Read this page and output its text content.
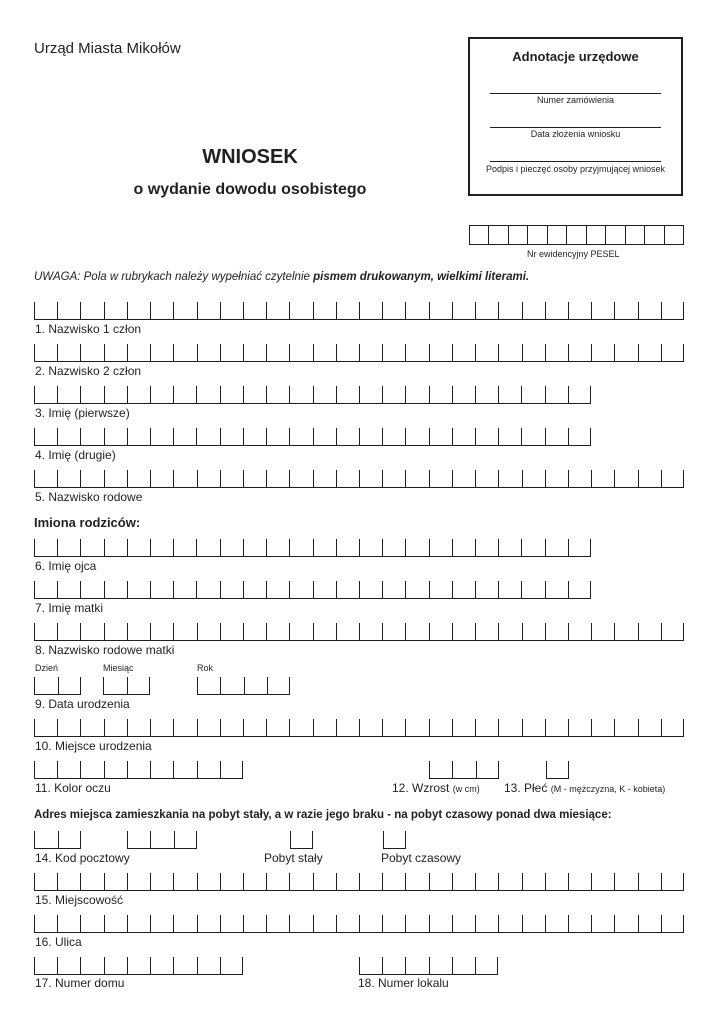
Urząd Miasta Mikołów	Adnotacje urzędowe
Numer zamówienia
Data złożenia wniosku
Podpis i pieczęć osoby przyjmującej wniosek
WNIOSEK
o wydanie dowodu osobistego
Nr ewidencyjny PESEL
UWAGA: Pola w rubrykach należy wypełniać czytelnie pismem drukowanym, wielkimi literami.
1. Nazwisko 1 człon
2. Nazwisko 2 człon
3. Imię (pierwsze)
4. Imię (drugie)
5. Nazwisko rodowe
Imiona rodziców:
6. Imię ojca
7. Imię matki
8. Nazwisko rodowe matki
Dzień	Miesiąc	Rok
9. Data urodzenia
10. Miejsce urodzenia
11. Kolor oczu	12. Wzrost (w cm) 13. Płeć (M - mężczyzna, K - kobieta)
Adres miejsca zamieszkania na pobyt stały, a w razie jego braku - na pobyt czasowy ponad dwa miesiące:
14. Kod pocztowy	Pobyt stały	Pobyt czasowy
15. Miejscowość
16. Ulica
17. Numer domu	18. Numer lokalu
